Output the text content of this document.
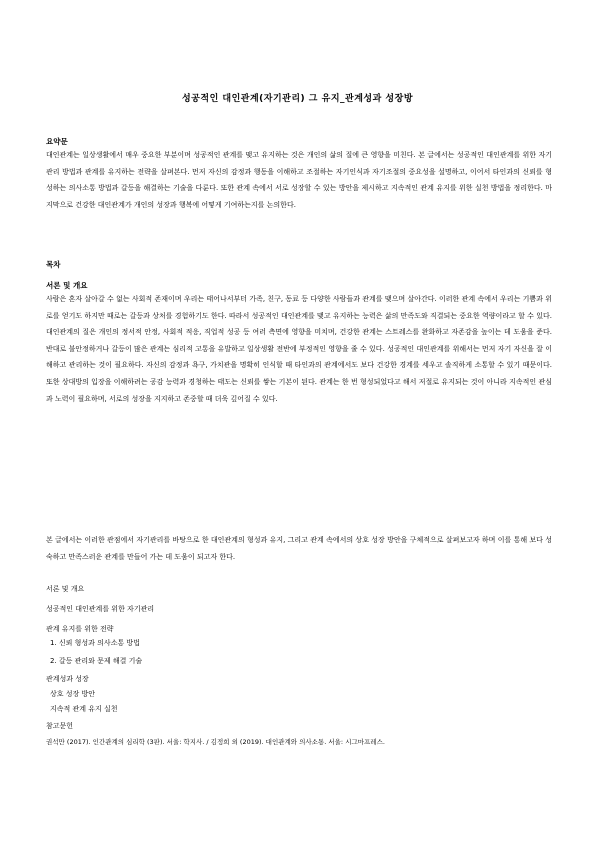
성공적인 대인관계(자기관리) 그 유지_관계성과 성장방
요약문
대인관계는 일상생활에서 매우 중요한 부분이며 성공적인 관계를 맺고 유지하는 것은 개인의 삶의 질에 큰 영향을 미친다. 본 글에서는 성공적인 대인관계를 위한 자기관리 방법과 관계를 유지하는 전략을 살펴본다. 먼저 자신의 감정과 행동을 이해하고 조절하는 자기인식과 자기조절의 중요성을 설명하고, 이어서 타인과의 신뢰를 형성하는 의사소통 방법과 갈등을 해결하는 기술을 다룬다. 또한 관계 속에서 서로 성장할 수 있는 방안을 제시하고 지속적인 관계 유지를 위한 실천 방법을 정리한다. 마지막으로 건강한 대인관계가 개인의 성장과 행복에 어떻게 기여하는지를 논의한다.
목차
서론 및 개요
사람은 혼자 살아갈 수 없는 사회적 존재이며 우리는 태어나서부터 가족, 친구, 동료 등 다양한 사람들과 관계를 맺으며 살아간다. 이러한 관계 속에서 우리는 기쁨과 위로를 얻기도 하지만 때로는 갈등과 상처를 경험하기도 한다. 따라서 성공적인 대인관계를 맺고 유지하는 능력은 삶의 만족도와 직결되는 중요한 역량이라고 할 수 있다. 대인관계의 질은 개인의 정서적 안정, 사회적 적응, 직업적 성공 등 여러 측면에 영향을 미치며, 건강한 관계는 스트레스를 완화하고 자존감을 높이는 데 도움을 준다. 반대로 불안정하거나 갈등이 많은 관계는 심리적 고통을 유발하고 일상생활 전반에 부정적인 영향을 줄 수 있다. 성공적인 대인관계를 위해서는 먼저 자기 자신을 잘 이해하고 관리하는 것이 필요하다. 자신의 감정과 욕구, 가치관을 명확히 인식할 때 타인과의 관계에서도 보다 건강한 경계를 세우고 솔직하게 소통할 수 있기 때문이다. 또한 상대방의 입장을 이해하려는 공감 능력과 경청하는 태도는 신뢰를 쌓는 기본이 된다. 관계는 한 번 형성되었다고 해서 저절로 유지되는 것이 아니라 지속적인 관심과 노력이 필요하며, 서로의 성장을 지지하고 존중할 때 더욱 깊어질 수 있다.
본 글에서는 이러한 관점에서 자기관리를 바탕으로 한 대인관계의 형성과 유지, 그리고 관계 속에서의 상호 성장 방안을 구체적으로 살펴보고자 하며 이를 통해 보다 성숙하고 만족스러운 관계를 만들어 가는 데 도움이 되고자 한다.
서론 및 개요
성공적인 대인관계를 위한 자기관리
관계 유지를 위한 전략
1. 신뢰 형성과 의사소통 방법
2. 갈등 관리와 문제 해결 기술
관계성과 성장
상호 성장 방안
지속적 관계 유지 실천
참고문헌
권석만 (2017). 인간관계의 심리학 (3판). 서울: 학지사. / 김정희 외 (2019). 대인관계와 의사소통. 서울: 시그마프레스.
